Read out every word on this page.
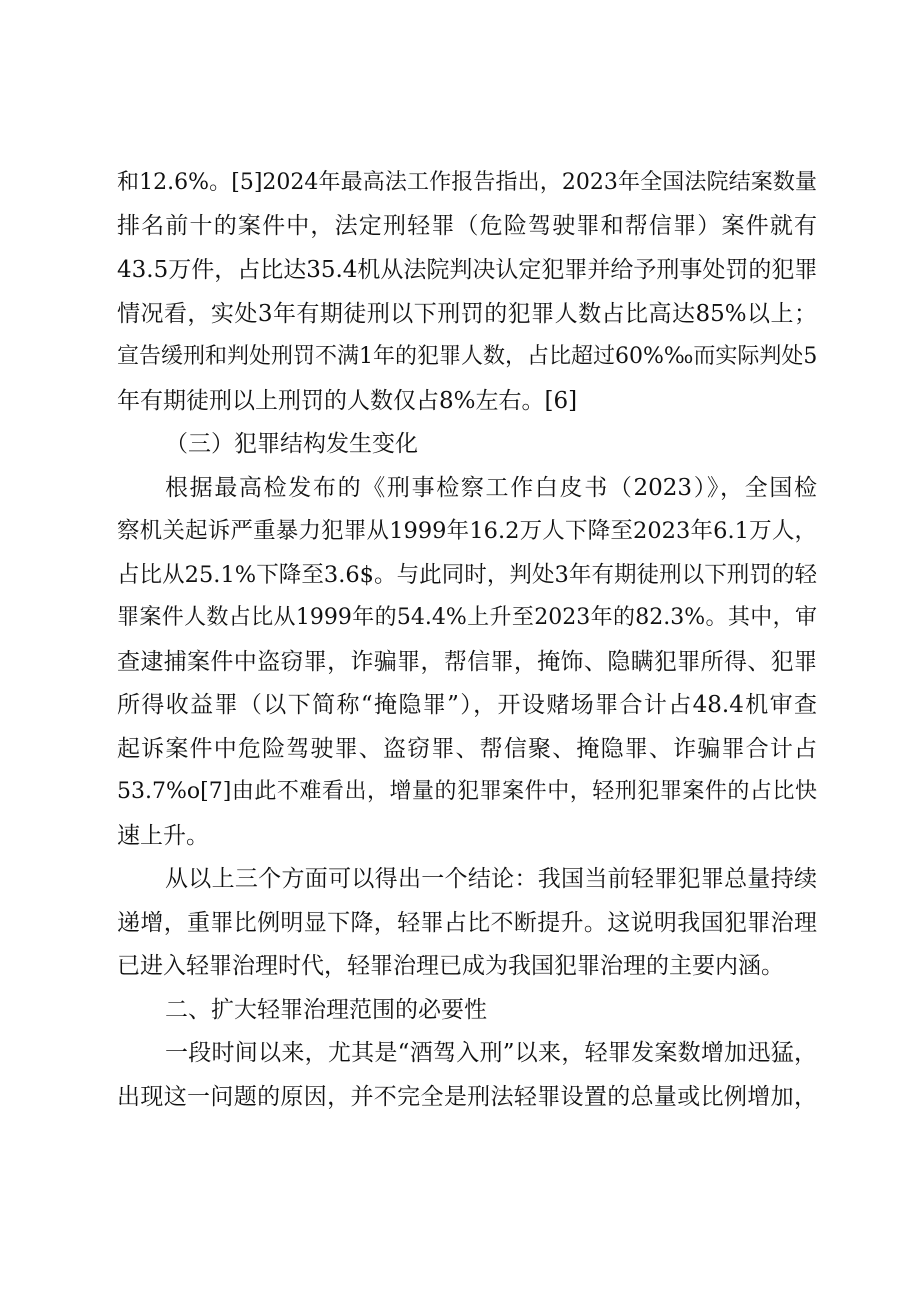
和12.6%。[5]2024年最高法工作报告指出，2023年全国法院结案数量
排名前十的案件中，法定刑轻罪（危险驾驶罪和帮信罪）案件就有
43.5万件，占比达35.4机从法院判决认定犯罪并给予刑事处罚的犯罪
情况看，实处3年有期徒刑以下刑罚的犯罪人数占比高达85%以上；
宣告缓刑和判处刑罚不满1年的犯罪人数，占比超过60%‰而实际判处5
年有期徒刑以上刑罚的人数仅占8%左右。[6]
（三）犯罪结构发生变化
根据最高检发布的《刑事检察工作白皮书（2023）》，全国检
察机关起诉严重暴力犯罪从1999年16.2万人下降至2023年6.1万人，
占比从25.1%下降至3.6$。与此同时，判处3年有期徒刑以下刑罚的轻
罪案件人数占比从1999年的54.4%上升至2023年的82.3%。其中，审
查逮捕案件中盗窃罪，诈骗罪，帮信罪，掩饰、隐瞒犯罪所得、犯罪
所得收益罪（以下简称“掩隐罪”），开设赌场罪合计占48.4机审查
起诉案件中危险驾驶罪、盗窃罪、帮信聚、掩隐罪、诈骗罪合计占
53.7%o[7]由此不难看出，增量的犯罪案件中，轻刑犯罪案件的占比快
速上升。
从以上三个方面可以得出一个结论：我国当前轻罪犯罪总量持续
递增，重罪比例明显下降，轻罪占比不断提升。这说明我国犯罪治理
已进入轻罪治理时代，轻罪治理已成为我国犯罪治理的主要内涵。
二、扩大轻罪治理范围的必要性
一段时间以来，尤其是“酒驾入刑”以来，轻罪发案数增加迅猛，
出现这一问题的原因，并不完全是刑法轻罪设置的总量或比例增加，
